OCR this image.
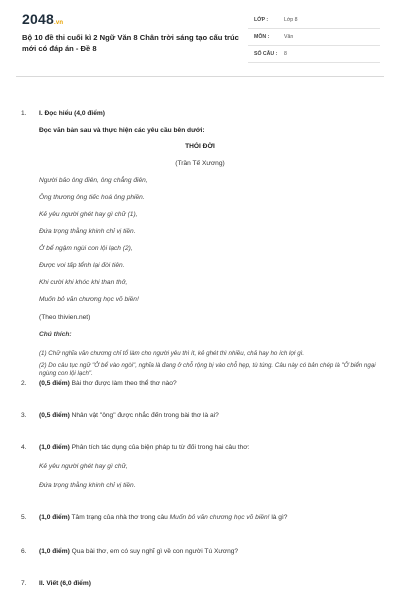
2048.vn
Bộ 10 đề thi cuối kì 2 Ngữ Văn 8 Chân trời sáng tạo cấu trúc mới có đáp án - Đề 8
LỚP :	Lớp 8
MÔN :	Văn
SỐ CÂU : 8
1. I. Đọc hiểu (4,0 điểm)
Đọc văn bản sau và thực hiện các yêu cầu bên dưới:
THÓI ĐỜI
(Trần Tế Xương)
Người bảo ông điên, ông chẳng điên,
Ông thương ông tiếc hoá ông phiền.
Kẻ yêu người ghét hay gì chữ (1),
Đứa trọng thằng khinh chỉ vị tiền.
Ở bể ngậm ngùi con lội lạch (2),
Được voi tấp tểnh lại đòi tiên.
Khi cười khi khóc khi than thở,
Muốn bỏ văn chương học võ biền!
(Theo thivien.net)
Chú thích:
(1) Chữ nghĩa văn chương chỉ tổ làm cho người yêu thì ít, kẻ ghét thì nhiều, chả hay ho ích lợi gì.
(2) Do câu tục ngữ "Ở bể vào ngòi", nghĩa là đang ở chỗ rộng bị vào chỗ hẹp, tù túng. Câu này có bản chép là "Ở biển ngại ngùng con lội lạch".
2. (0,5 điểm) Bài thơ được làm theo thể thơ nào?
3. (0,5 điểm) Nhân vật "ông" được nhắc đến trong bài thơ là ai?
4. (1,0 điểm) Phân tích tác dụng của biện pháp tu từ đối trong hai câu thơ:
Kẻ yêu người ghét hay gì chữ,
Đứa trọng thằng khinh chỉ vị tiền.
5. (1,0 điểm) Tâm trạng của nhà thơ trong câu Muốn bỏ văn chương học võ biền! là gì?
6. (1,0 điểm) Qua bài thơ, em có suy nghĩ gì về con người Tú Xương?
7. II. Viết (6,0 điểm)
